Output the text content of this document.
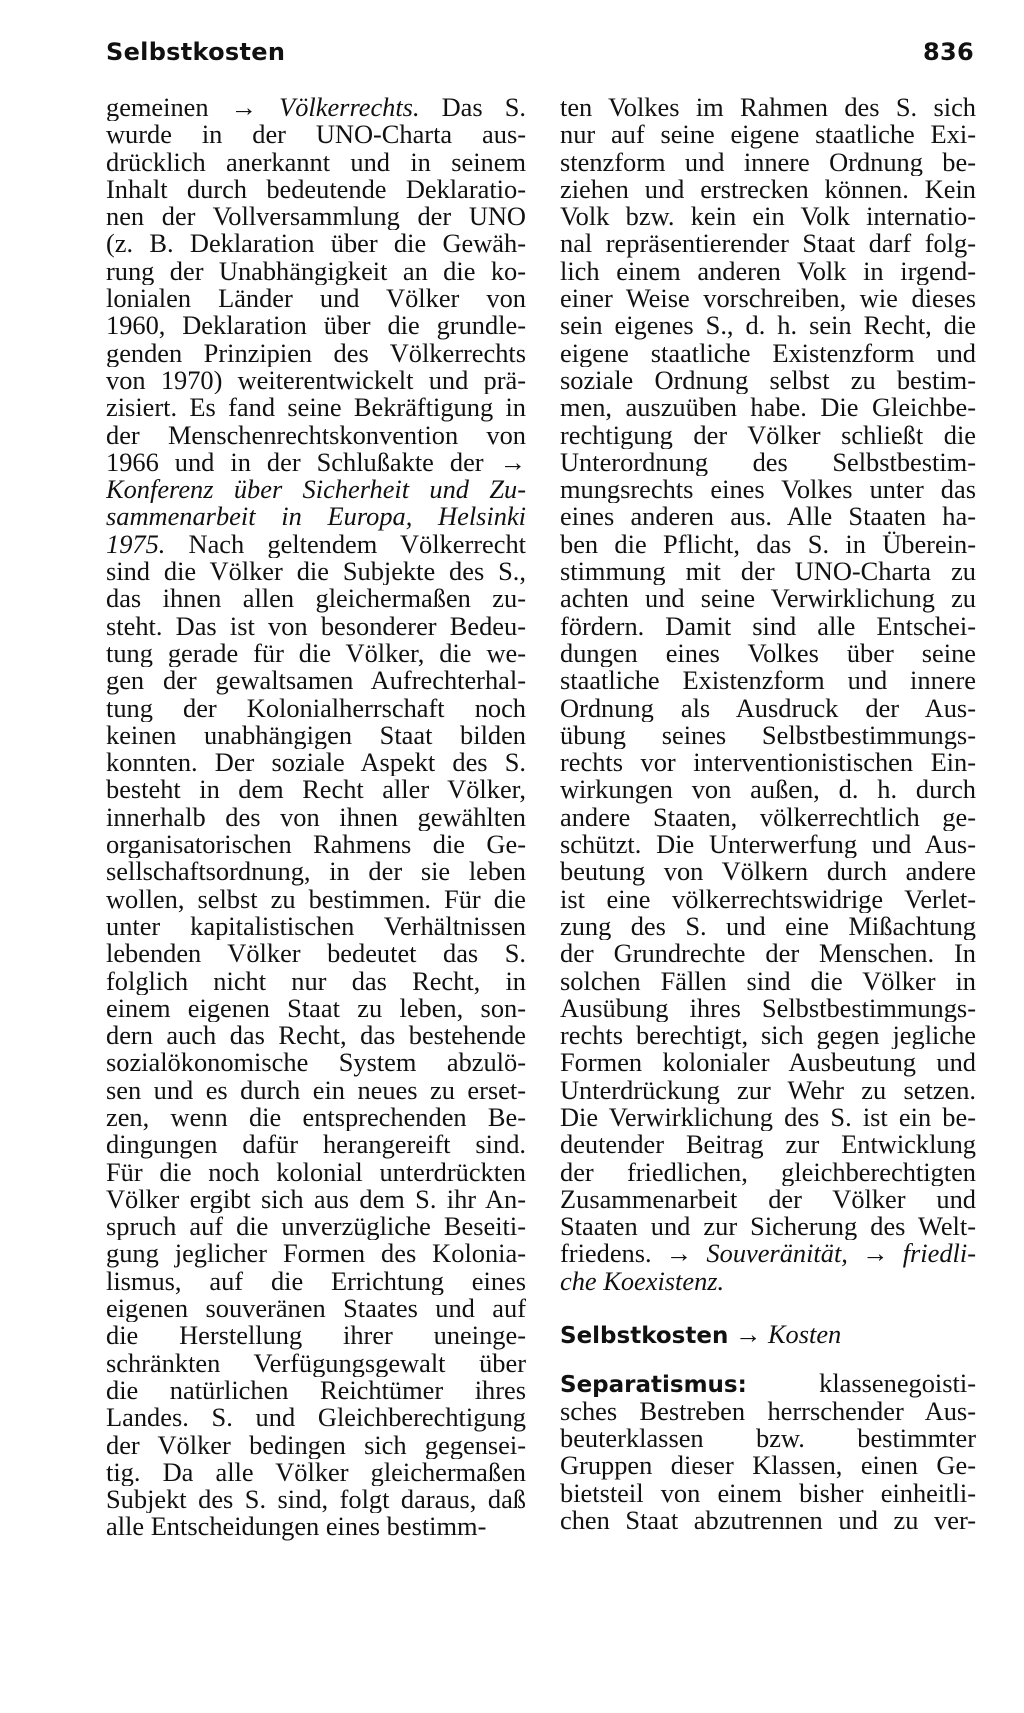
Selbstkosten	836
gemeinen → Völkerrechts. Das S.
wurde in der UNO-Charta aus-
drücklich anerkannt und in seinem
Inhalt durch bedeutende Deklaratio-
nen der Vollversammlung der UNO
(z. B. Deklaration über die Gewäh-
rung der Unabhängigkeit an die ko-
lonialen Länder und Völker von
1960, Deklaration über die grundle-
genden Prinzipien des Völkerrechts
von 1970) weiterentwickelt und prä-
zisiert. Es fand seine Bekräftigung in
der Menschenrechtskonvention von
1966 und in der Schlußakte der →
Konferenz über Sicherheit und Zu-
sammenarbeit in Europa, Helsinki
1975. Nach geltendem Völkerrecht
sind die Völker die Subjekte des S.,
das ihnen allen gleichermaßen zu-
steht. Das ist von besonderer Bedeu-
tung gerade für die Völker, die we-
gen der gewaltsamen Aufrechterhal-
tung der Kolonialherrschaft noch
keinen unabhängigen Staat bilden
konnten. Der soziale Aspekt des S.
besteht in dem Recht aller Völker,
innerhalb des von ihnen gewählten
organisatorischen Rahmens die Ge-
sellschaftsordnung, in der sie leben
wollen, selbst zu bestimmen. Für die
unter kapitalistischen Verhältnissen
lebenden Völker bedeutet das S.
folglich nicht nur das Recht, in
einem eigenen Staat zu leben, son-
dern auch das Recht, das bestehende
sozialökonomische System abzulö-
sen und es durch ein neues zu erset-
zen, wenn die entsprechenden Be-
dingungen dafür herangereift sind.
Für die noch kolonial unterdrückten
Völker ergibt sich aus dem S. ihr An-
spruch auf die unverzügliche Beseiti-
gung jeglicher Formen des Kolonia-
lismus, auf die Errichtung eines
eigenen souveränen Staates und auf
die Herstellung ihrer uneinge-
schränkten Verfügungsgewalt über
die natürlichen Reichtümer ihres
Landes. S. und Gleichberechtigung
der Völker bedingen sich gegensei-
tig. Da alle Völker gleichermaßen
Subjekt des S. sind, folgt daraus, daß
alle Entscheidungen eines bestimm-
ten Volkes im Rahmen des S. sich
nur auf seine eigene staatliche Exi-
stenzform und innere Ordnung be-
ziehen und erstrecken können. Kein
Volk bzw. kein ein Volk internatio-
nal repräsentierender Staat darf folg-
lich einem anderen Volk in irgend-
einer Weise vorschreiben, wie dieses
sein eigenes S., d. h. sein Recht, die
eigene staatliche Existenzform und
soziale Ordnung selbst zu bestim-
men, auszuüben habe. Die Gleichbe-
rechtigung der Völker schließt die
Unterordnung des Selbstbestim-
mungsrechts eines Volkes unter das
eines anderen aus. Alle Staaten ha-
ben die Pflicht, das S. in Überein-
stimmung mit der UNO-Charta zu
achten und seine Verwirklichung zu
fördern. Damit sind alle Entschei-
dungen eines Volkes über seine
staatliche Existenzform und innere
Ordnung als Ausdruck der Aus-
übung seines Selbstbestimmungs-
rechts vor interventionistischen Ein-
wirkungen von außen, d. h. durch
andere Staaten, völkerrechtlich ge-
schützt. Die Unterwerfung und Aus-
beutung von Völkern durch andere
ist eine völkerrechtswidrige Verlet-
zung des S. und eine Mißachtung
der Grundrechte der Menschen. In
solchen Fällen sind die Völker in
Ausübung ihres Selbstbestimmungs-
rechts berechtigt, sich gegen jegliche
Formen kolonialer Ausbeutung und
Unterdrückung zur Wehr zu setzen.
Die Verwirklichung des S. ist ein be-
deutender Beitrag zur Entwicklung
der friedlichen, gleichberechtigten
Zusammenarbeit der Völker und
Staaten und zur Sicherung des Welt-
friedens. → Souveränität, → friedli-
che Koexistenz.
Selbstkosten → Kosten
Separatismus:	klassenegoisti-
sches Bestreben herrschender Aus-
beuterklassen bzw. bestimmter
Gruppen dieser Klassen, einen Ge-
bietsteil von einem bisher einheitli-
chen Staat abzutrennen und zu ver-
